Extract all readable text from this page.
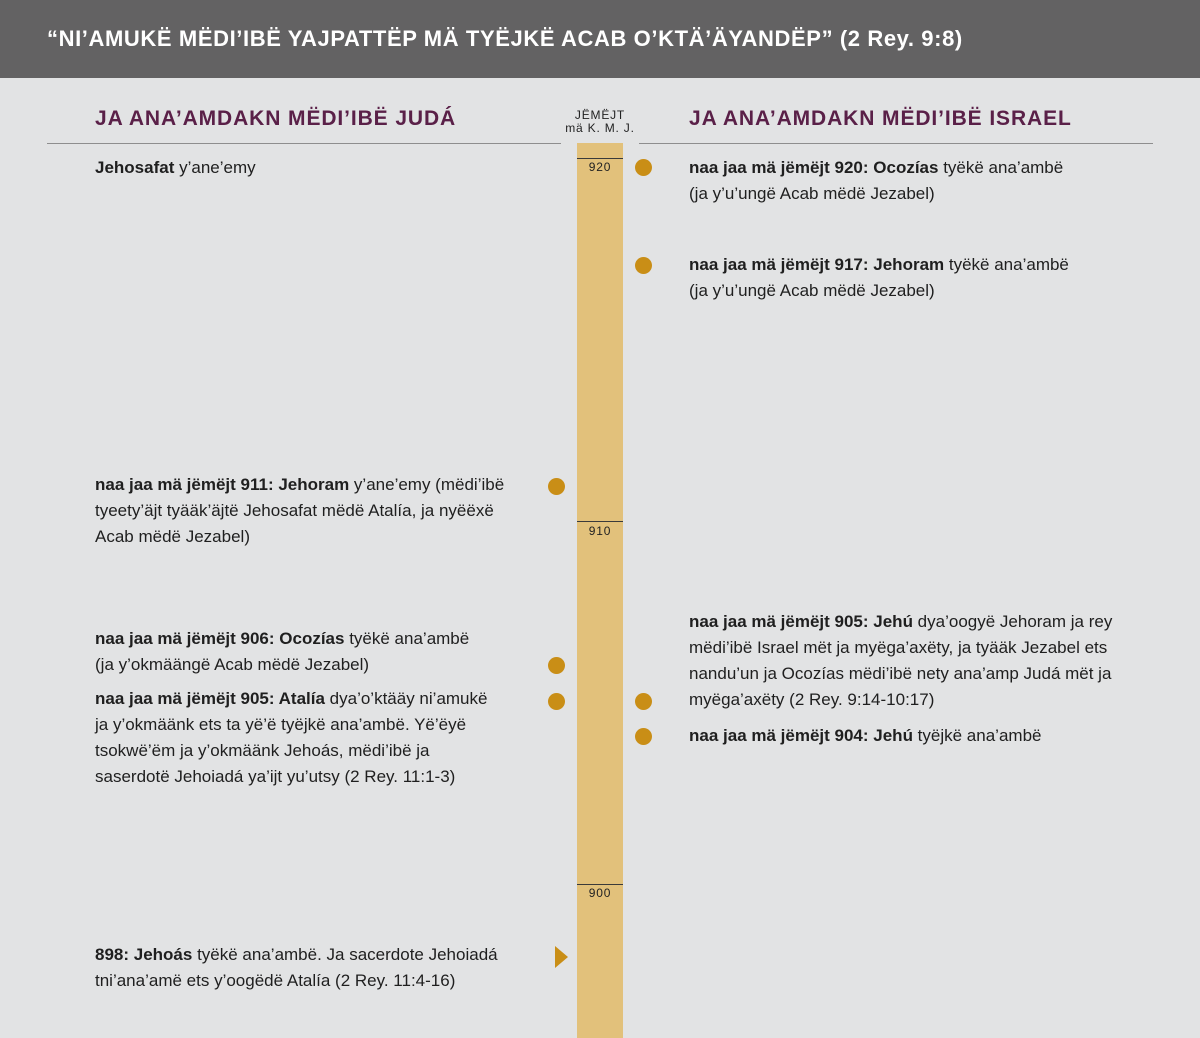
“NI’AMUKË MËDI’IBË YAJPATTËP MÄ TYËJKË ACAB O’KTÄ’ÄYANDËP” (2 Rey. 9:8)
JA ANA’AMDAKN MËDI’IBË JUDÁ	JA ANA’AMDAKN MËDI’IBË ISRAEL
JËMËJT
mä K. M. J.
920
910
900
Jehosafat y’ane’emy
naa jaa mä jëmëjt 911: Jehoram y’ane’emy (mëdi’ibë
tyeety’äjt tyääk’äjtë Jehosafat mëdë Atalía, ja nyëëxë
Acab mëdë Jezabel)
naa jaa mä jëmëjt 906: Ocozías tyëkë ana’ambë
(ja y’okmäängë Acab mëdë Jezabel)
naa jaa mä jëmëjt 905: Atalía dya’o’ktääy ni’amukë
ja y’okmäänk ets ta yë’ë tyëjkë ana’ambë. Yë’ëyë
tsokwë’ëm ja y’okmäänk Jehoás, mëdi’ibë ja
saserdotë Jehoiadá ya’ijt yu’utsy (2 Rey. 11:1-3)
898: Jehoás tyëkë ana’ambë. Ja sacerdote Jehoiadá
tni’ana’amë ets y’oogëdë Atalía (2 Rey. 11:4-16)
naa jaa mä jëmëjt 920: Ocozías tyëkë ana’ambë
(ja y’u’ungë Acab mëdë Jezabel)
naa jaa mä jëmëjt 917: Jehoram tyëkë ana’ambë
(ja y’u’ungë Acab mëdë Jezabel)
naa jaa mä jëmëjt 905: Jehú dya’oogyë Jehoram ja rey
mëdi’ibë Israel mët ja myëga’axëty, ja tyääk Jezabel ets
nandu’un ja Ocozías mëdi’ibë nety ana’amp Judá mët ja
myëga’axëty (2 Rey. 9:14-10:17)
naa jaa mä jëmëjt 904: Jehú tyëjkë ana’ambë
